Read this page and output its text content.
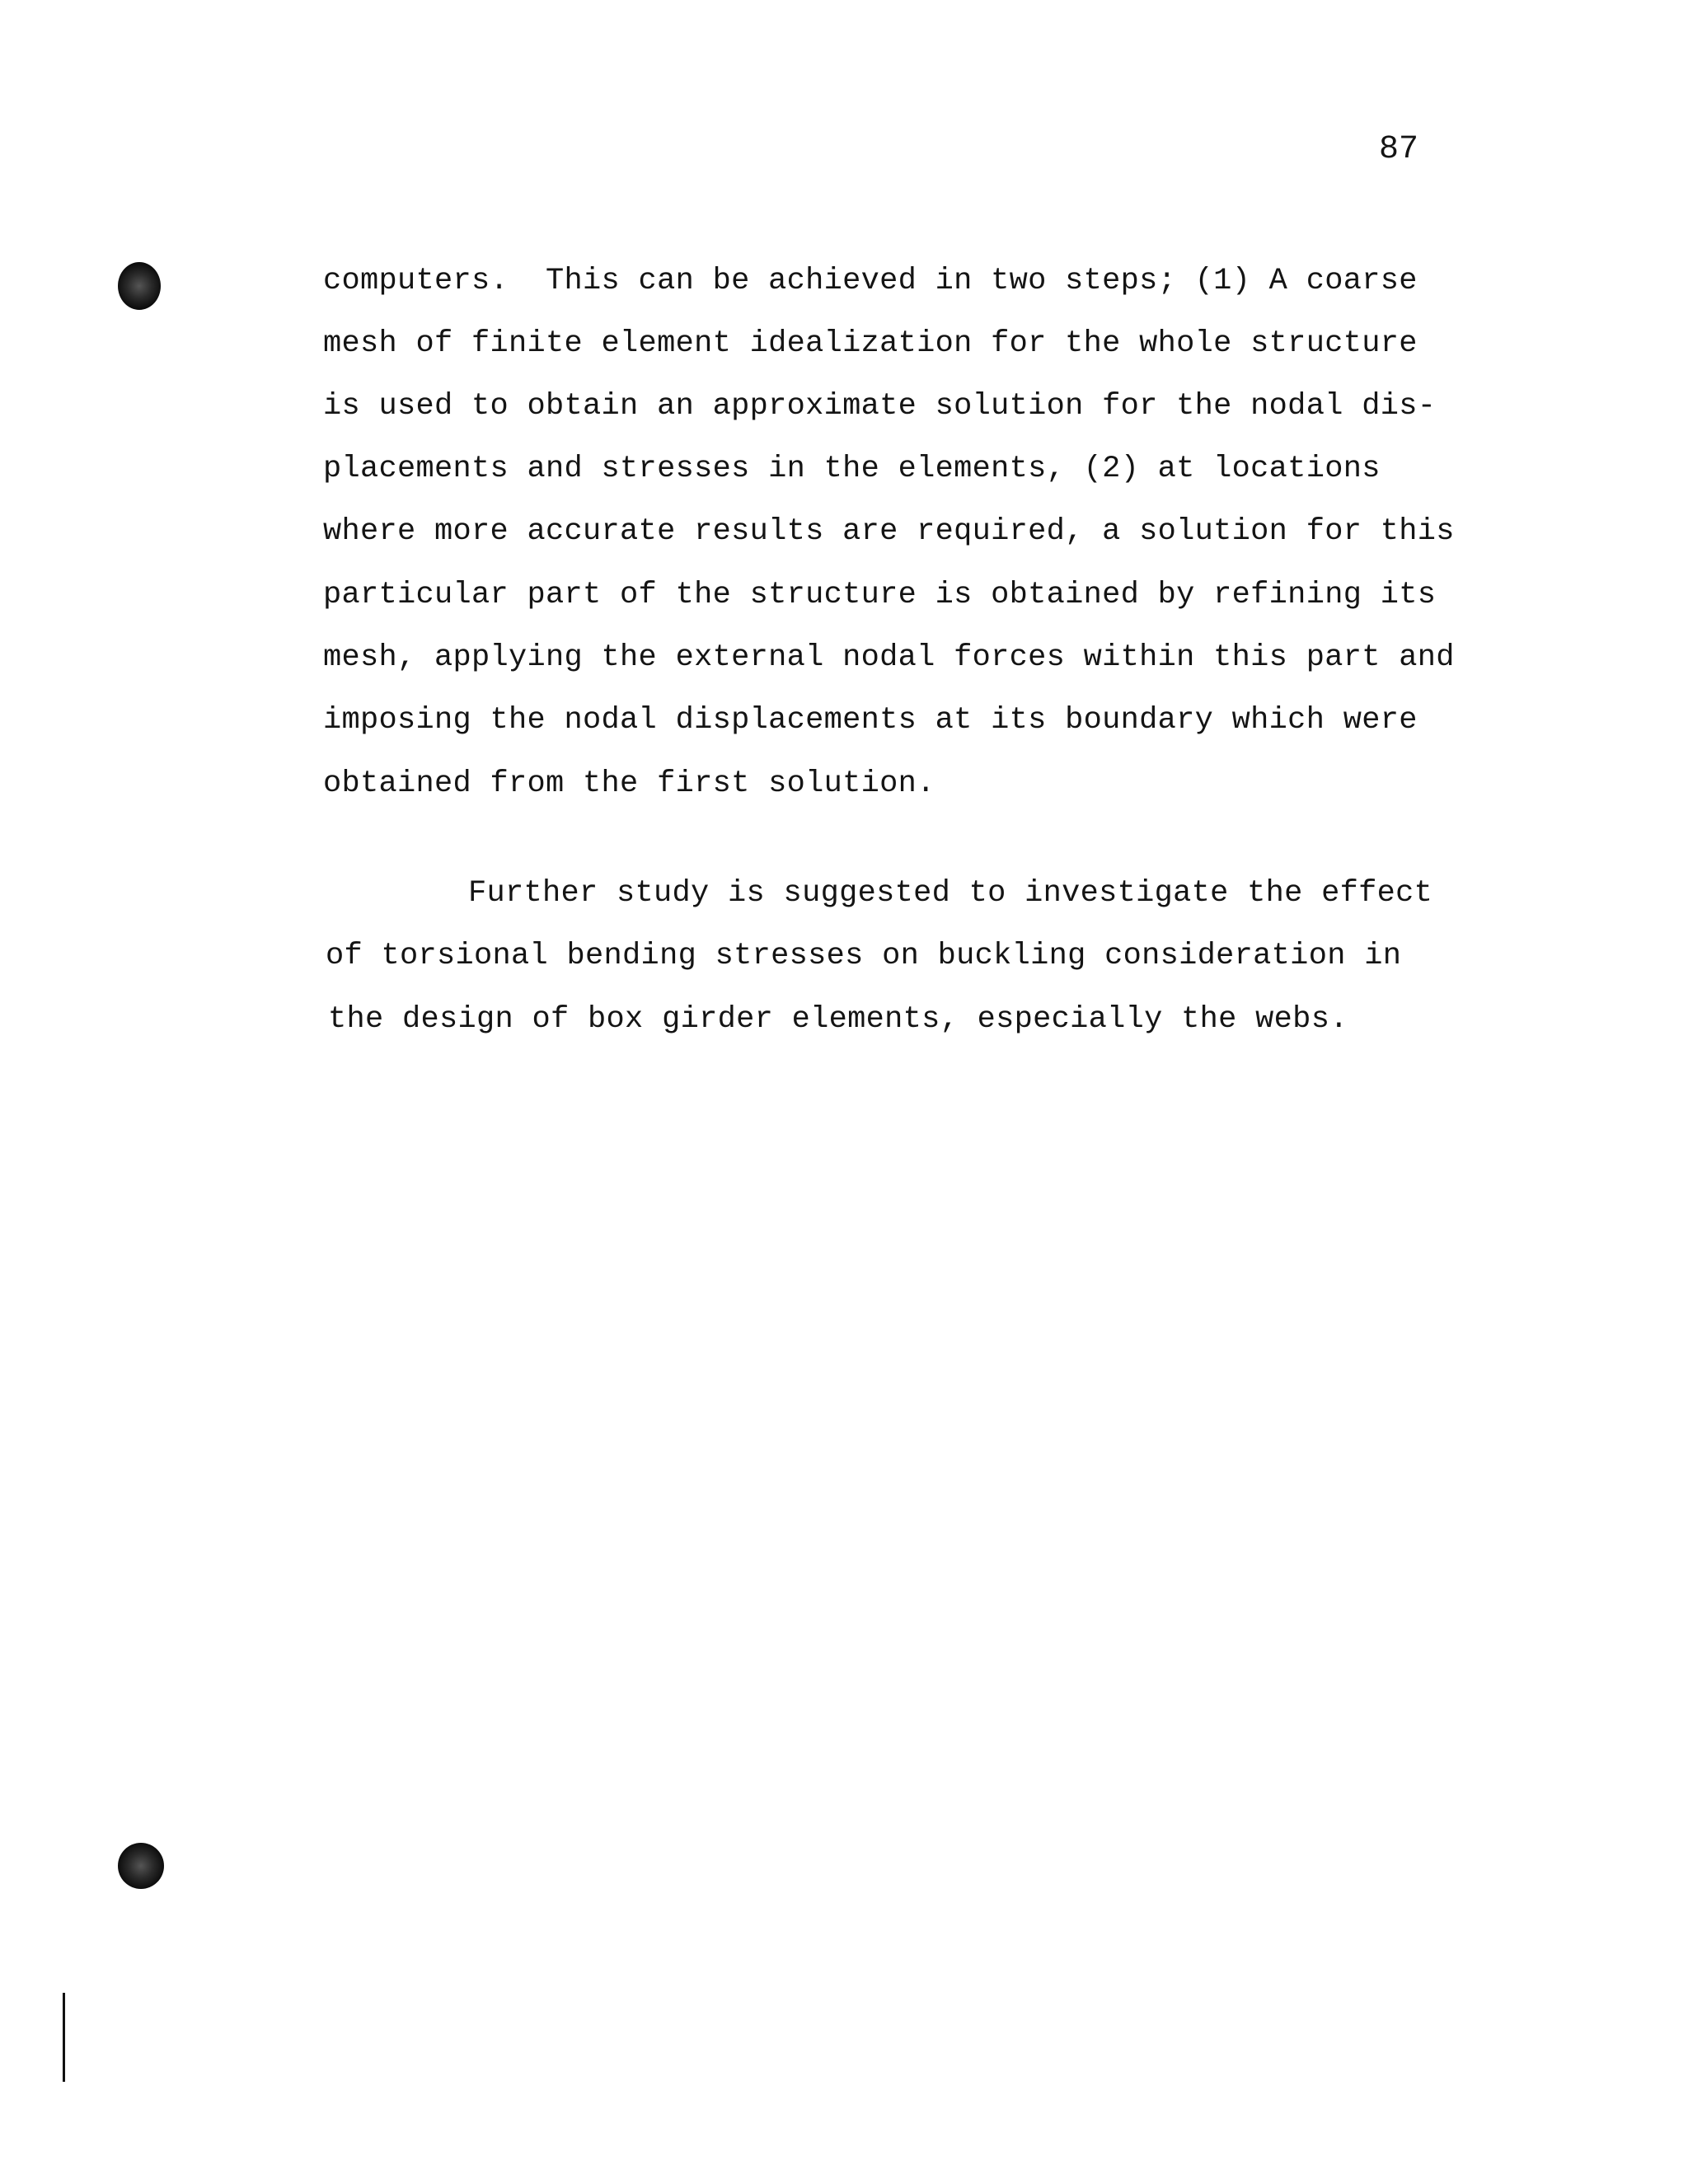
87
computers.  This can be achieved in two steps; (1) A coarse
mesh of finite element idealization for the whole structure
is used to obtain an approximate solution for the nodal dis-
placements and stresses in the elements, (2) at locations
where more accurate results are required, a solution for this
particular part of the structure is obtained by refining its
mesh, applying the external nodal forces within this part and
imposing the nodal displacements at its boundary which were
obtained from the first solution.
Further study is suggested to investigate the effect
of torsional bending stresses on buckling consideration in
the design of box girder elements, especially the webs.
